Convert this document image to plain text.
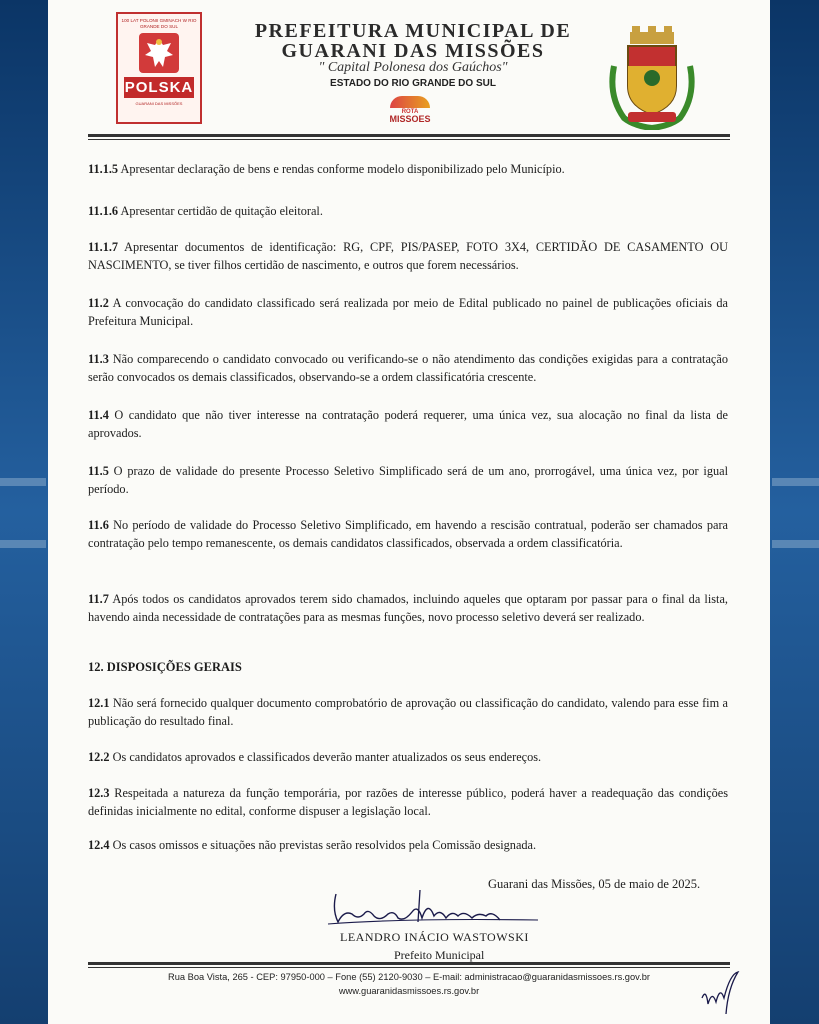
100 LAT POLONII GMINACH W RIO GRANDE DO SUL
POLSKA
GUARANI DAS MISSÕES
PREFEITURA MUNICIPAL DE
GUARANI DAS MISSÕES
" Capital Polonesa dos Gaúchos"
ESTADO DO RIO GRANDE DO SUL
ROTA
MISSOES

11.1.5 Apresentar declaração de bens e rendas conforme modelo disponibilizado pelo Município.

11.1.6 Apresentar certidão de quitação eleitoral.

11.1.7 Apresentar documentos de identificação: RG, CPF, PIS/PASEP, FOTO 3X4, CERTIDÃO DE CASAMENTO OU NASCIMENTO, se tiver filhos certidão de nascimento, e outros que forem necessários.

11.2 A convocação do candidato classificado será realizada por meio de Edital publicado no painel de publicações oficiais da Prefeitura Municipal.

11.3 Não comparecendo o candidato convocado ou verificando-se o não atendimento das condições exigidas para a contratação serão convocados os demais classificados, observando-se a ordem classificatória crescente.

11.4 O candidato que não tiver interesse na contratação poderá requerer, uma única vez, sua alocação no final da lista de aprovados.

11.5 O prazo de validade do presente Processo Seletivo Simplificado será de um ano, prorrogável, uma única vez, por igual período.

11.6 No período de validade do Processo Seletivo Simplificado, em havendo a rescisão contratual, poderão ser chamados para contratação pelo tempo remanescente, os demais candidatos classificados, observada a ordem classificatória.

11.7 Após todos os candidatos aprovados terem sido chamados, incluindo aqueles que optaram por passar para o final da lista, havendo ainda necessidade de contratações para as mesmas funções, novo processo seletivo deverá ser realizado.

12. DISPOSIÇÕES GERAIS

12.1 Não será fornecido qualquer documento comprobatório de aprovação ou classificação do candidato, valendo para esse fim a publicação do resultado final.

12.2 Os candidatos aprovados e classificados deverão manter atualizados os seus endereços.

12.3 Respeitada a natureza da função temporária, por razões de interesse público, poderá haver a readequação das condições definidas inicialmente no edital, conforme dispuser a legislação local.

12.4 Os casos omissos e situações não previstas serão resolvidos pela Comissão designada.

Guarani das Missões, 05 de maio de 2025.
LEANDRO INÁCIO WASTOWSKI
Prefeito Municipal
Rua Boa Vista, 265 - CEP: 97950-000 – Fone (55) 2120-9030 – E-mail: administracao@guaranidasmissoes.rs.gov.br
www.guaranidasmissoes.rs.gov.br
